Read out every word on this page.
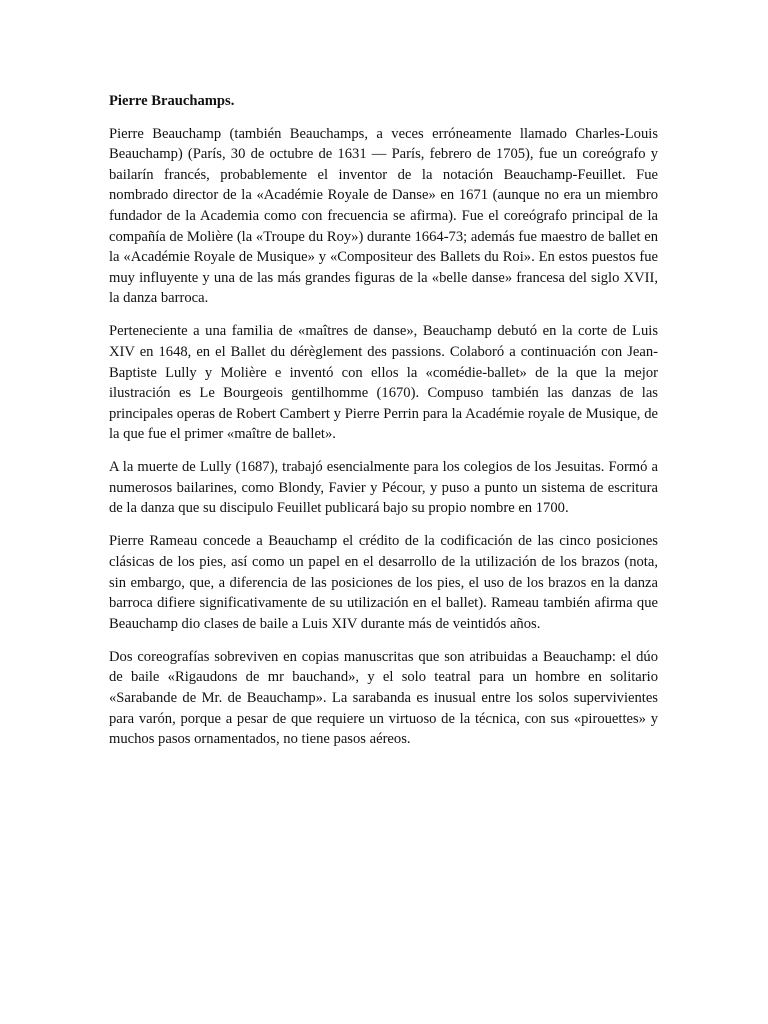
Pierre Brauchamps.

Pierre Beauchamp (también Beauchamps, a veces erróneamente llamado Charles-Louis Beauchamp) (París, 30 de octubre de 1631 — París, febrero de 1705), fue un coreógrafo y bailarín francés, probablemente el inventor de la notación Beauchamp-Feuillet. Fue nombrado director de la «Académie Royale de Danse» en 1671 (aunque no era un miembro fundador de la Academia como con frecuencia se afirma). Fue el coreógrafo principal de la compañía de Molière (la «Troupe du Roy») durante 1664-73; además fue maestro de ballet en la «Académie Royale de Musique» y «Compositeur des Ballets du Roi». En estos puestos fue muy influyente y una de las más grandes figuras de la «belle danse» francesa del siglo XVII, la danza barroca.

Perteneciente a una familia de «maîtres de danse», Beauchamp debutó en la corte de Luis XIV en 1648, en el Ballet du dérèglement des passions. Colaboró a continuación con Jean-Baptiste Lully y Molière e inventó con ellos la «comédie-ballet» de la que la mejor ilustración es Le Bourgeois gentilhomme (1670). Compuso también las danzas de las principales operas de Robert Cambert y Pierre Perrin para la Académie royale de Musique, de la que fue el primer «maître de ballet».

A la muerte de Lully (1687), trabajó esencialmente para los colegios de los Jesuitas. Formó a numerosos bailarines, como Blondy, Favier y Pécour, y puso a punto un sistema de escritura de la danza que su discipulo Feuillet publicará bajo su propio nombre en 1700.

Pierre Rameau concede a Beauchamp el crédito de la codificación de las cinco posiciones clásicas de los pies, así como un papel en el desarrollo de la utilización de los brazos (nota, sin embargo, que, a diferencia de las posiciones de los pies, el uso de los brazos en la danza barroca difiere significativamente de su utilización en el ballet). Rameau también afirma que Beauchamp dio clases de baile a Luis XIV durante más de veintidós años.

Dos coreografías sobreviven en copias manuscritas que son atribuidas a Beauchamp: el dúo de baile «Rigaudons de mr bauchand», y el solo teatral para un hombre en solitario «Sarabande de Mr. de Beauchamp». La sarabanda es inusual entre los solos supervivientes para varón, porque a pesar de que requiere un virtuoso de la técnica, con sus «pirouettes» y muchos pasos ornamentados, no tiene pasos aéreos.
